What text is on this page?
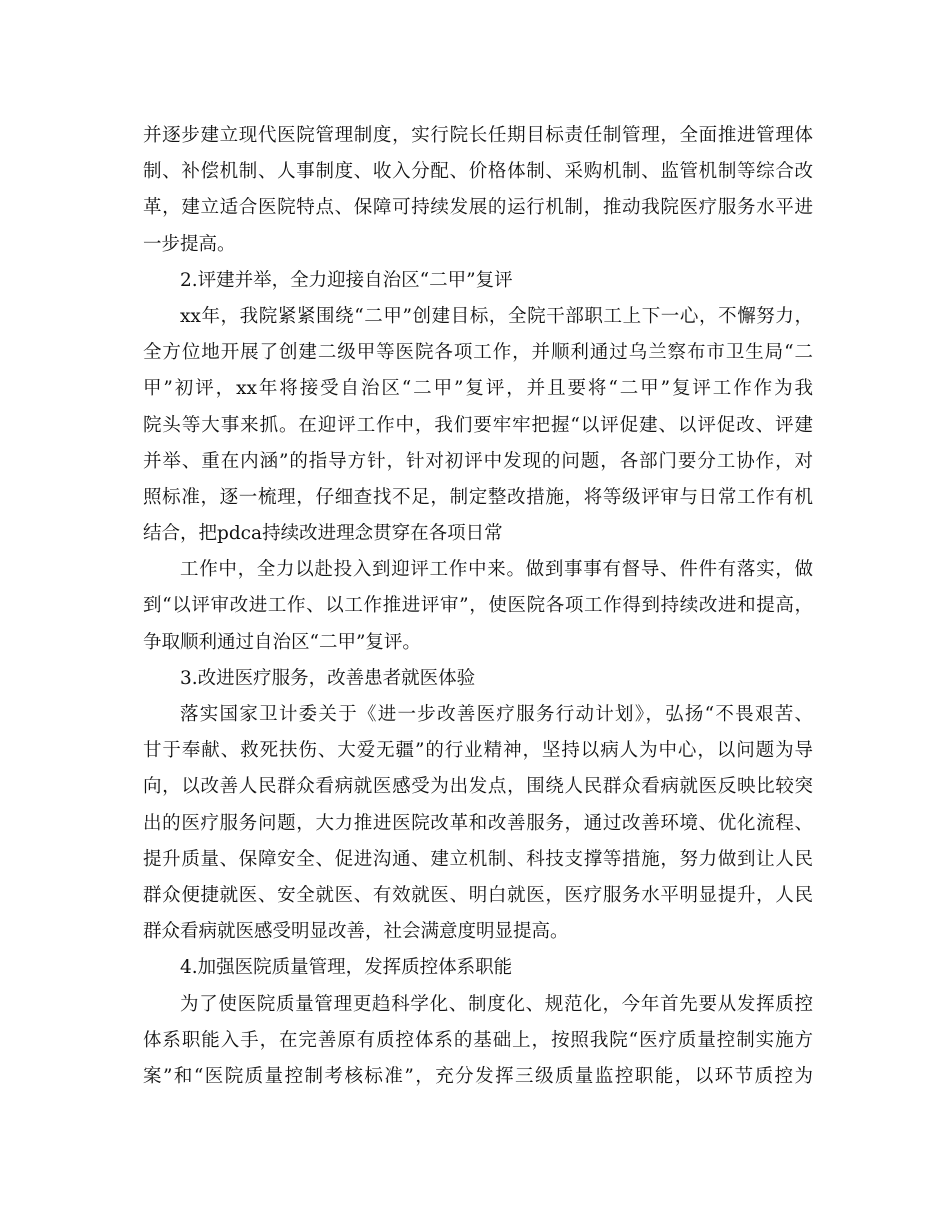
并逐步建立现代医院管理制度，实行院长任期目标责任制管理，全面推进管理体
制、补偿机制、人事制度、收入分配、价格体制、采购机制、监管机制等综合改
革，建立适合医院特点、保障可持续发展的运行机制，推动我院医疗服务水平进
一步提高。
2.评建并举，全力迎接自治区“二甲”复评
xx年，我院紧紧围绕“二甲”创建目标，全院干部职工上下一心，不懈努力，
全方位地开展了创建二级甲等医院各项工作，并顺利通过乌兰察布市卫生局“二
甲”初评，xx年将接受自治区“二甲”复评，并且要将“二甲”复评工作作为我
院头等大事来抓。在迎评工作中，我们要牢牢把握“以评促建、以评促改、评建
并举、重在内涵”的指导方针，针对初评中发现的问题，各部门要分工协作，对
照标准，逐一梳理，仔细查找不足，制定整改措施，将等级评审与日常工作有机
结合，把pdca持续改进理念贯穿在各项日常
工作中，全力以赴投入到迎评工作中来。做到事事有督导、件件有落实，做
到“以评审改进工作、以工作推进评审”，使医院各项工作得到持续改进和提高，
争取顺利通过自治区“二甲”复评。
3.改进医疗服务，改善患者就医体验
落实国家卫计委关于《进一步改善医疗服务行动计划》，弘扬“不畏艰苦、
甘于奉献、救死扶伤、大爱无疆”的行业精神，坚持以病人为中心，以问题为导
向，以改善人民群众看病就医感受为出发点，围绕人民群众看病就医反映比较突
出的医疗服务问题，大力推进医院改革和改善服务，通过改善环境、优化流程、
提升质量、保障安全、促进沟通、建立机制、科技支撑等措施，努力做到让人民
群众便捷就医、安全就医、有效就医、明白就医，医疗服务水平明显提升，人民
群众看病就医感受明显改善，社会满意度明显提高。
4.加强医院质量管理，发挥质控体系职能
为了使医院质量管理更趋科学化、制度化、规范化，今年首先要从发挥质控
体系职能入手，在完善原有质控体系的基础上，按照我院“医疗质量控制实施方
案”和“医院质量控制考核标准”，充分发挥三级质量监控职能，以环节质控为
